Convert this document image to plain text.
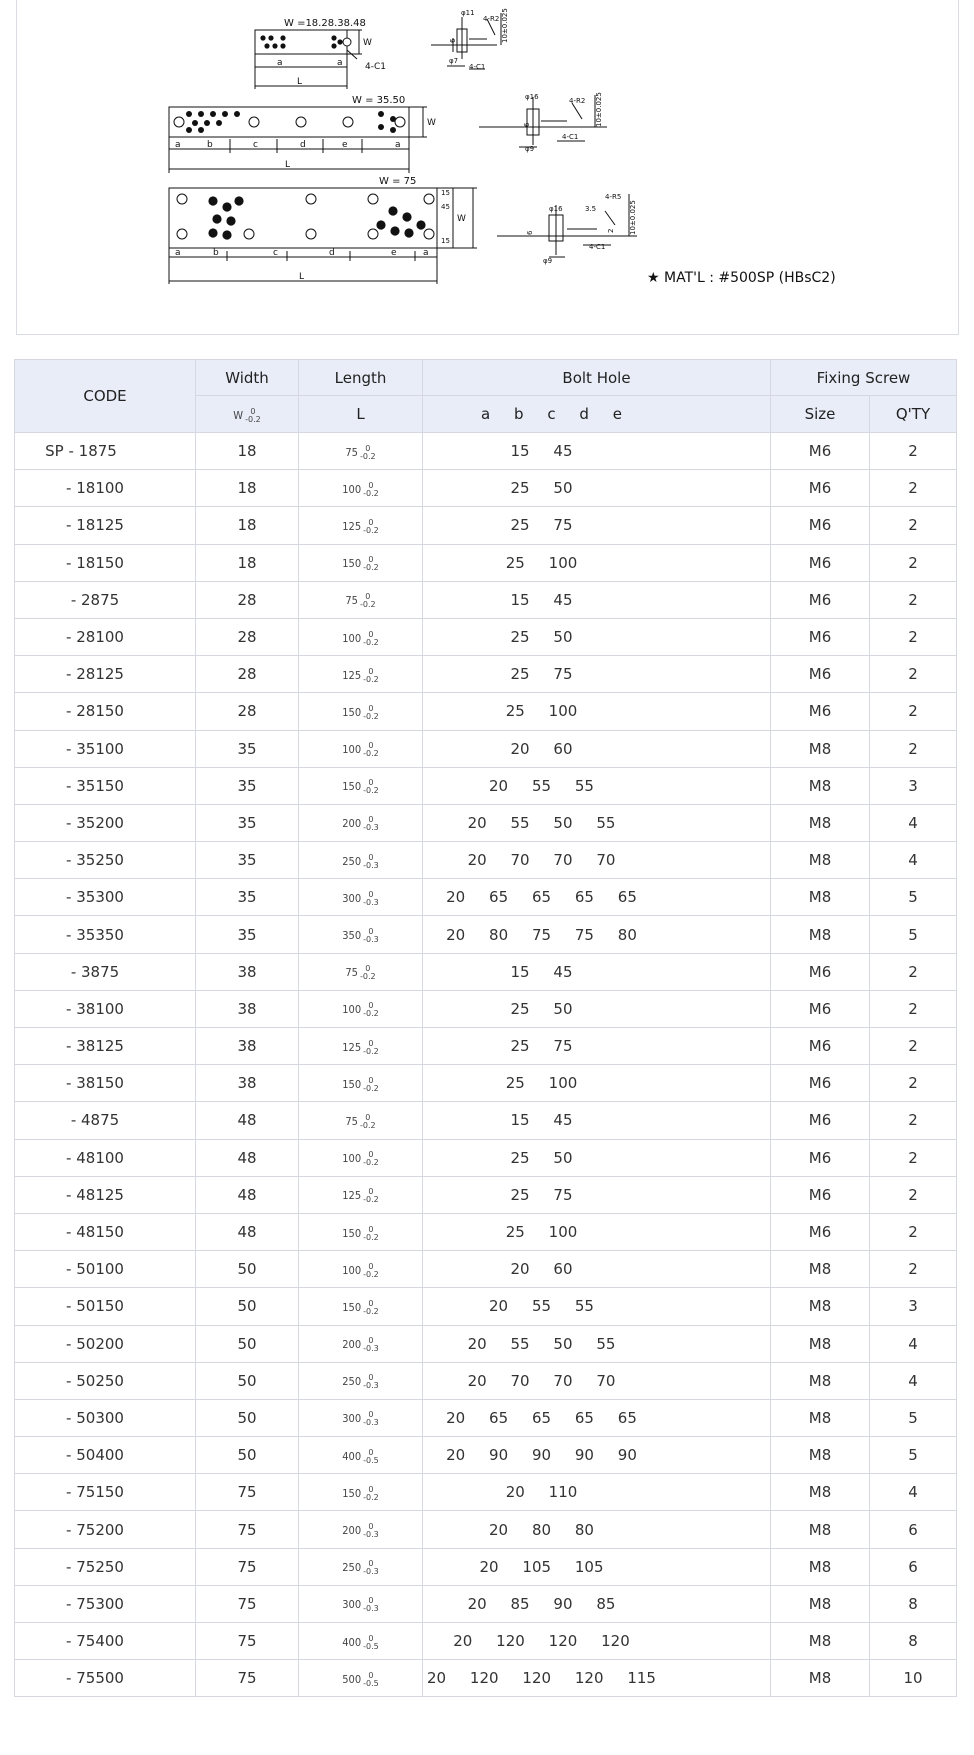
W =18.28.38.48
W
a	a
L
4-C1
φ11
4-R2
4-C1
φ7
W = 35.50
W
a	b	c	d	e	a
L
φ16	4-R2
4-C1
φ9
W = 75
W
45
15
15
a	b	c	d	e	a
L
φ16	3.5
4-R5
4-C1
φ9
10±0.025
10±0.025
10±0.025
6
6
6	2
★ MAT'L : #500SP (HBsC2)
CODE	Width	Length	Bolt Hole	Fixing Screw	
	W 0
-0.2	L	a     b     c     d     e	Size	Q'TY
SP - 1875	18	75 0
-0.2	15     45	M6	2
- 18100	18	100 0
-0.2	25     50	M6	2
- 18125	18	125 0
-0.2	25     75	M6	2
- 18150	18	150 0
-0.2	25     100	M6	2
- 2875	28	75 0
-0.2	15     45	M6	2
- 28100	28	100 0
-0.2	25     50	M6	2
- 28125	28	125 0
-0.2	25     75	M6	2
- 28150	28	150 0
-0.2	25     100	M6	2
- 35100	35	100 0
-0.2	20     60	M8	2
- 35150	35	150 0
-0.2	20     55     55	M8	3
- 35200	35	200 0
-0.3	20     55     50     55	M8	4
- 35250	35	250 0
-0.3	20     70     70     70	M8	4
- 35300	35	300 0
-0.3	20     65     65     65     65	M8	5
- 35350	35	350 0
-0.3	20     80     75     75     80	M8	5
- 3875	38	75 0
-0.2	15     45	M6	2
- 38100	38	100 0
-0.2	25     50	M6	2
- 38125	38	125 0
-0.2	25     75	M6	2
- 38150	38	150 0
-0.2	25     100	M6	2
- 4875	48	75 0
-0.2	15     45	M6	2
- 48100	48	100 0
-0.2	25     50	M6	2
- 48125	48	125 0
-0.2	25     75	M6	2
- 48150	48	150 0
-0.2	25     100	M6	2
- 50100	50	100 0
-0.2	20     60	M8	2
- 50150	50	150 0
-0.2	20     55     55	M8	3
- 50200	50	200 0
-0.3	20     55     50     55	M8	4
- 50250	50	250 0
-0.3	20     70     70     70	M8	4
- 50300	50	300 0
-0.3	20     65     65     65     65	M8	5
- 50400	50	400 0
-0.5	20     90     90     90     90	M8	5
- 75150	75	150 0
-0.2	20     110	M8	4
- 75200	75	200 0
-0.3	20     80     80	M8	6
- 75250	75	250 0
-0.3	20     105     105	M8	6
- 75300	75	300 0
-0.3	20     85     90     85	M8	8
- 75400	75	400 0
-0.5	20     120     120     120	M8	8
- 75500	75	500 0
-0.5	20     120     120     120     115	M8	10
